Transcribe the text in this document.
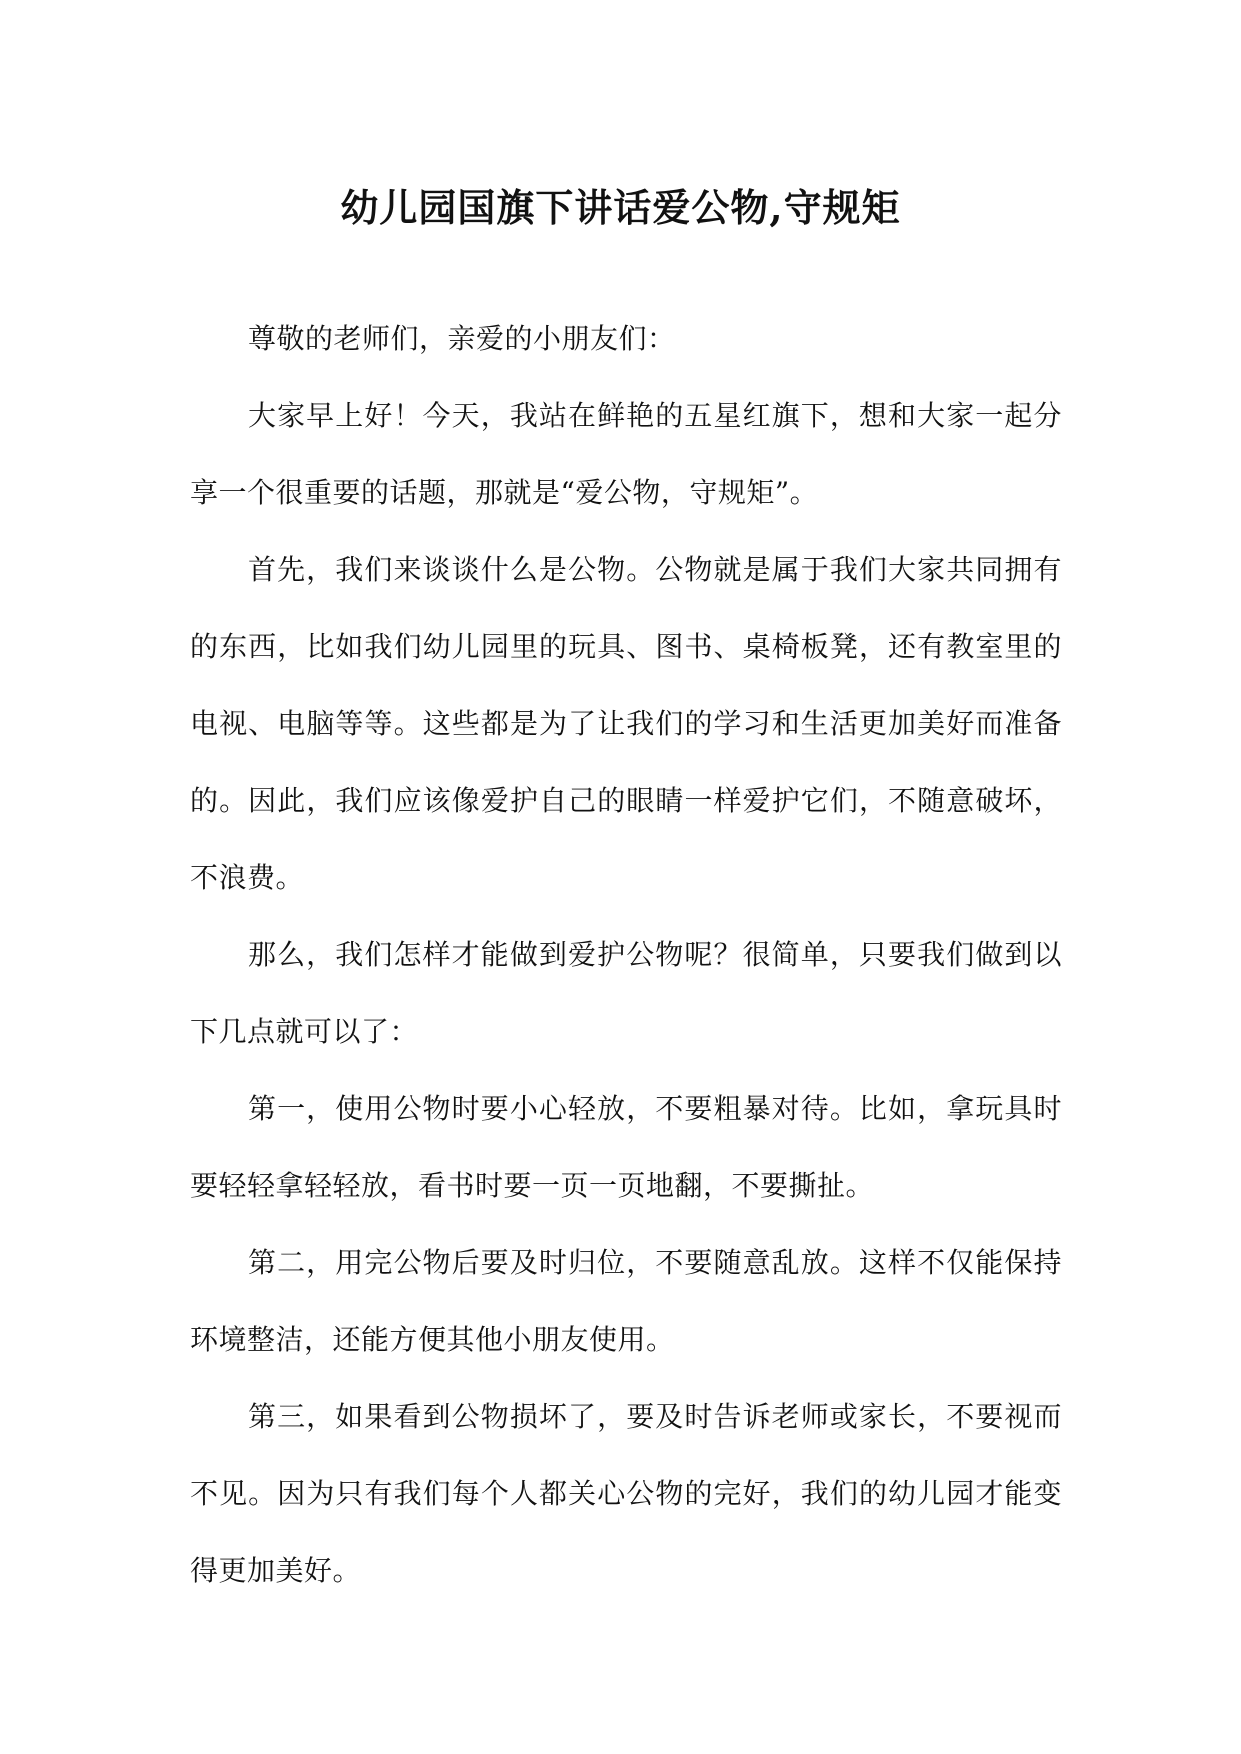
幼儿园国旗下讲话爱公物,守规矩

尊敬的老师们，亲爱的小朋友们：

大家早上好！今天，我站在鲜艳的五星红旗下，想和大家一起分享一个很重要的话题，那就是“爱公物，守规矩”。

首先，我们来谈谈什么是公物。公物就是属于我们大家共同拥有的东西，比如我们幼儿园里的玩具、图书、桌椅板凳，还有教室里的电视、电脑等等。这些都是为了让我们的学习和生活更加美好而准备的。因此，我们应该像爱护自己的眼睛一样爱护它们，不随意破坏，不浪费。

那么，我们怎样才能做到爱护公物呢？很简单，只要我们做到以下几点就可以了：

第一，使用公物时要小心轻放，不要粗暴对待。比如，拿玩具时要轻轻拿轻轻放，看书时要一页一页地翻，不要撕扯。

第二，用完公物后要及时归位，不要随意乱放。这样不仅能保持环境整洁，还能方便其他小朋友使用。

第三，如果看到公物损坏了，要及时告诉老师或家长，不要视而不见。因为只有我们每个人都关心公物的完好，我们的幼儿园才能变得更加美好。
